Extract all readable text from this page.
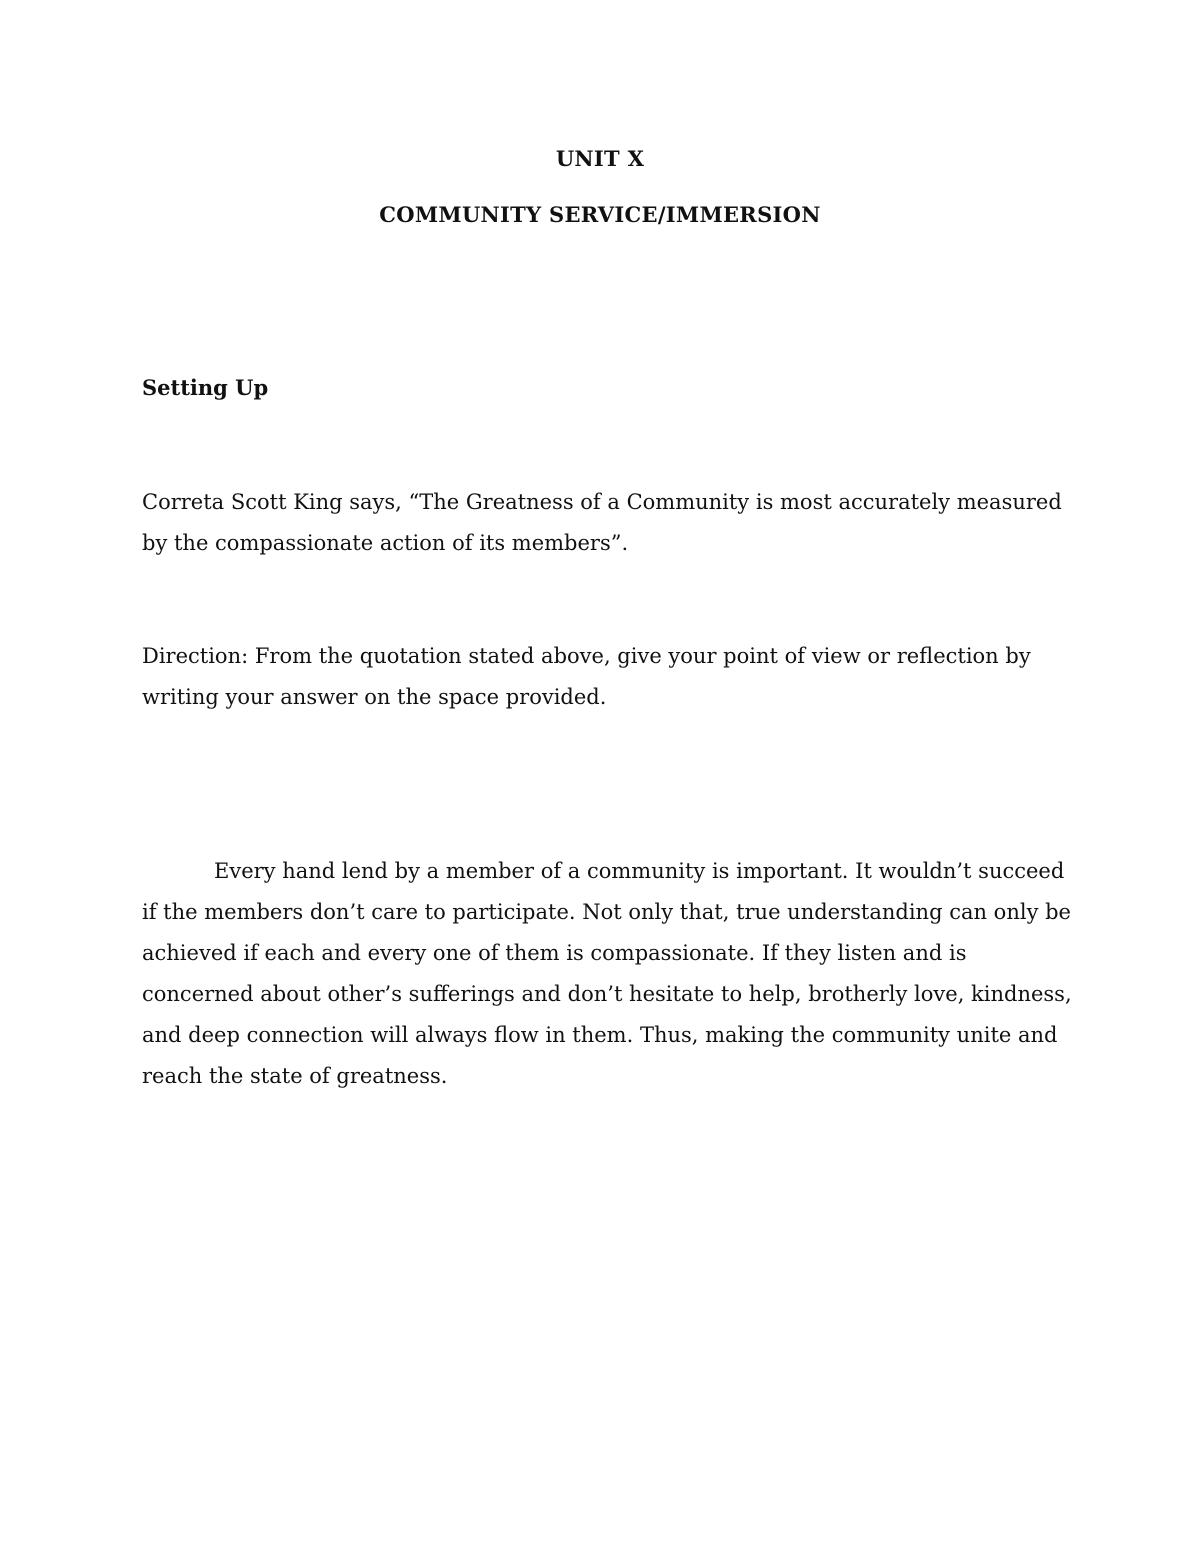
UNIT X
COMMUNITY SERVICE/IMMERSION
Setting Up

Correta Scott King says, “The Greatness of a Community is most accurately measured by the compassionate action of its members”.

Direction: From the quotation stated above, give your point of view or reflection by writing your answer on the space provided.

Every hand lend by a member of a community is important. It wouldn’t succeed if the members don’t care to participate. Not only that, true understanding can only be achieved if each and every one of them is compassionate. If they listen and is concerned about other’s sufferings and don’t hesitate to help, brotherly love, kindness, and deep connection will always flow in them. Thus, making the community unite and reach the state of greatness.
